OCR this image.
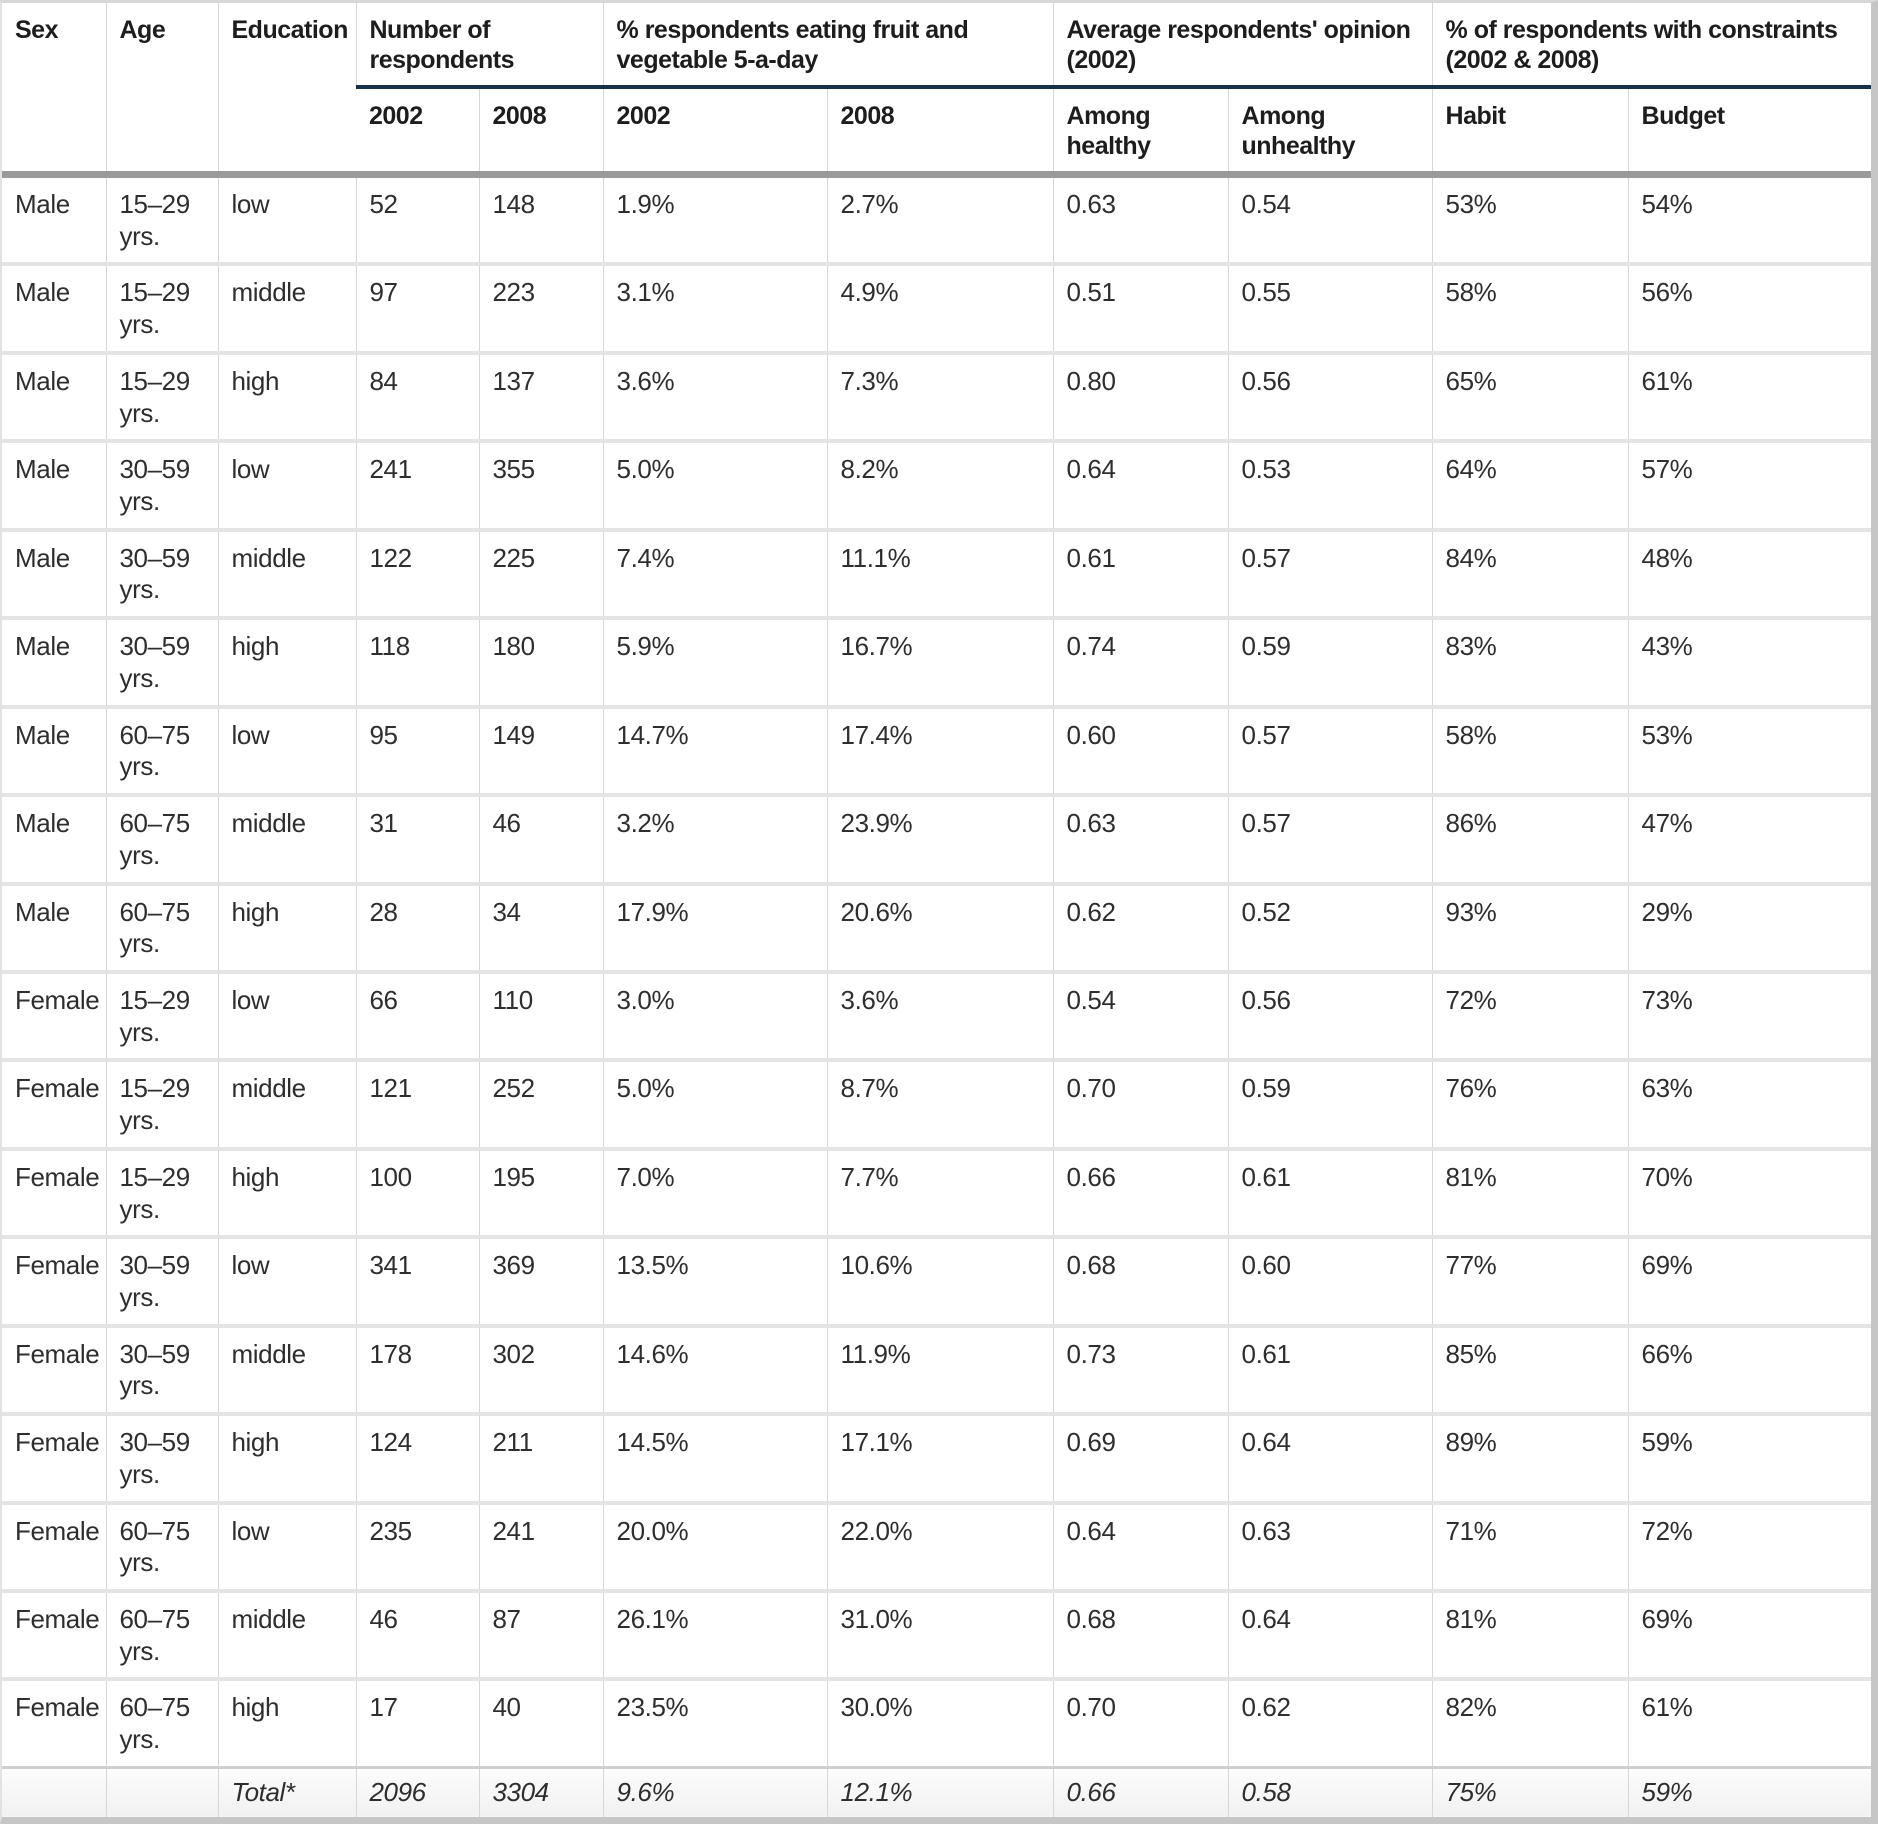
Sex	Age	Education	Number of respondents		% respondents eating fruit and vegetable 5-a-day		Average respondents' opinion (2002)		% of respondents with constraints (2002 & 2008)	
			2002	2008	2002	2008	Among healthy	Among unhealthy	Habit	Budget
Male	15–29 yrs.	low	52	148	1.9%	2.7%	0.63	0.54	53%	54%
Male	15–29 yrs.	middle	97	223	3.1%	4.9%	0.51	0.55	58%	56%
Male	15–29 yrs.	high	84	137	3.6%	7.3%	0.80	0.56	65%	61%
Male	30–59 yrs.	low	241	355	5.0%	8.2%	0.64	0.53	64%	57%
Male	30–59 yrs.	middle	122	225	7.4%	11.1%	0.61	0.57	84%	48%
Male	30–59 yrs.	high	118	180	5.9%	16.7%	0.74	0.59	83%	43%
Male	60–75 yrs.	low	95	149	14.7%	17.4%	0.60	0.57	58%	53%
Male	60–75 yrs.	middle	31	46	3.2%	23.9%	0.63	0.57	86%	47%
Male	60–75 yrs.	high	28	34	17.9%	20.6%	0.62	0.52	93%	29%
Female	15–29 yrs.	low	66	110	3.0%	3.6%	0.54	0.56	72%	73%
Female	15–29 yrs.	middle	121	252	5.0%	8.7%	0.70	0.59	76%	63%
Female	15–29 yrs.	high	100	195	7.0%	7.7%	0.66	0.61	81%	70%
Female	30–59 yrs.	low	341	369	13.5%	10.6%	0.68	0.60	77%	69%
Female	30–59 yrs.	middle	178	302	14.6%	11.9%	0.73	0.61	85%	66%
Female	30–59 yrs.	high	124	211	14.5%	17.1%	0.69	0.64	89%	59%
Female	60–75 yrs.	low	235	241	20.0%	22.0%	0.64	0.63	71%	72%
Female	60–75 yrs.	middle	46	87	26.1%	31.0%	0.68	0.64	81%	69%
Female	60–75 yrs.	high	17	40	23.5%	30.0%	0.70	0.62	82%	61%
		Total*	2096	3304	9.6%	12.1%	0.66	0.58	75%	59%
